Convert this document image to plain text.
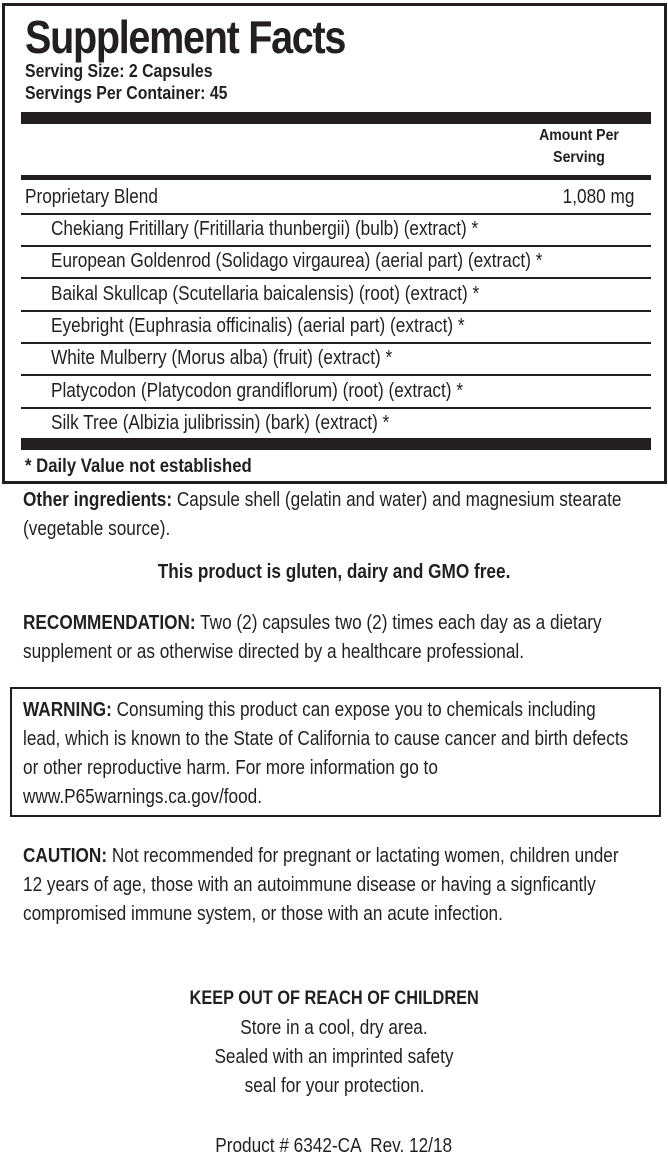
Supplement Facts
Serving Size: 2 Capsules
Servings Per Container: 45
Amount Per
Serving
Proprietary Blend	1,080 mg
Chekiang Fritillary (Fritillaria thunbergii) (bulb) (extract) *
European Goldenrod (Solidago virgaurea) (aerial part) (extract) *
Baikal Skullcap (Scutellaria baicalensis) (root) (extract) *
Eyebright (Euphrasia officinalis) (aerial part) (extract) *
White Mulberry (Morus alba) (fruit) (extract) *
Platycodon (Platycodon grandiflorum) (root) (extract) *
Silk Tree (Albizia julibrissin) (bark) (extract) *
* Daily Value not established
Other ingredients: Capsule shell (gelatin and water) and magnesium stearate (vegetable source).
This product is gluten, dairy and GMO free.
RECOMMENDATION: Two (2) capsules two (2) times each day as a dietary supplement or as otherwise directed by a healthcare professional.
WARNING: Consuming this product can expose you to chemicals including lead, which is known to the State of California to cause cancer and birth defects or other reproductive harm. For more information go to www.P65warnings.ca.gov/food.
CAUTION: Not recommended for pregnant or lactating women, children under 12 years of age, those with an autoimmune disease or having a signficantly compromised immune system, or those with an acute infection.
KEEP OUT OF REACH OF CHILDREN
Store in a cool, dry area.
Sealed with an imprinted safety
seal for your protection.
Product # 6342-CA  Rev. 12/18
